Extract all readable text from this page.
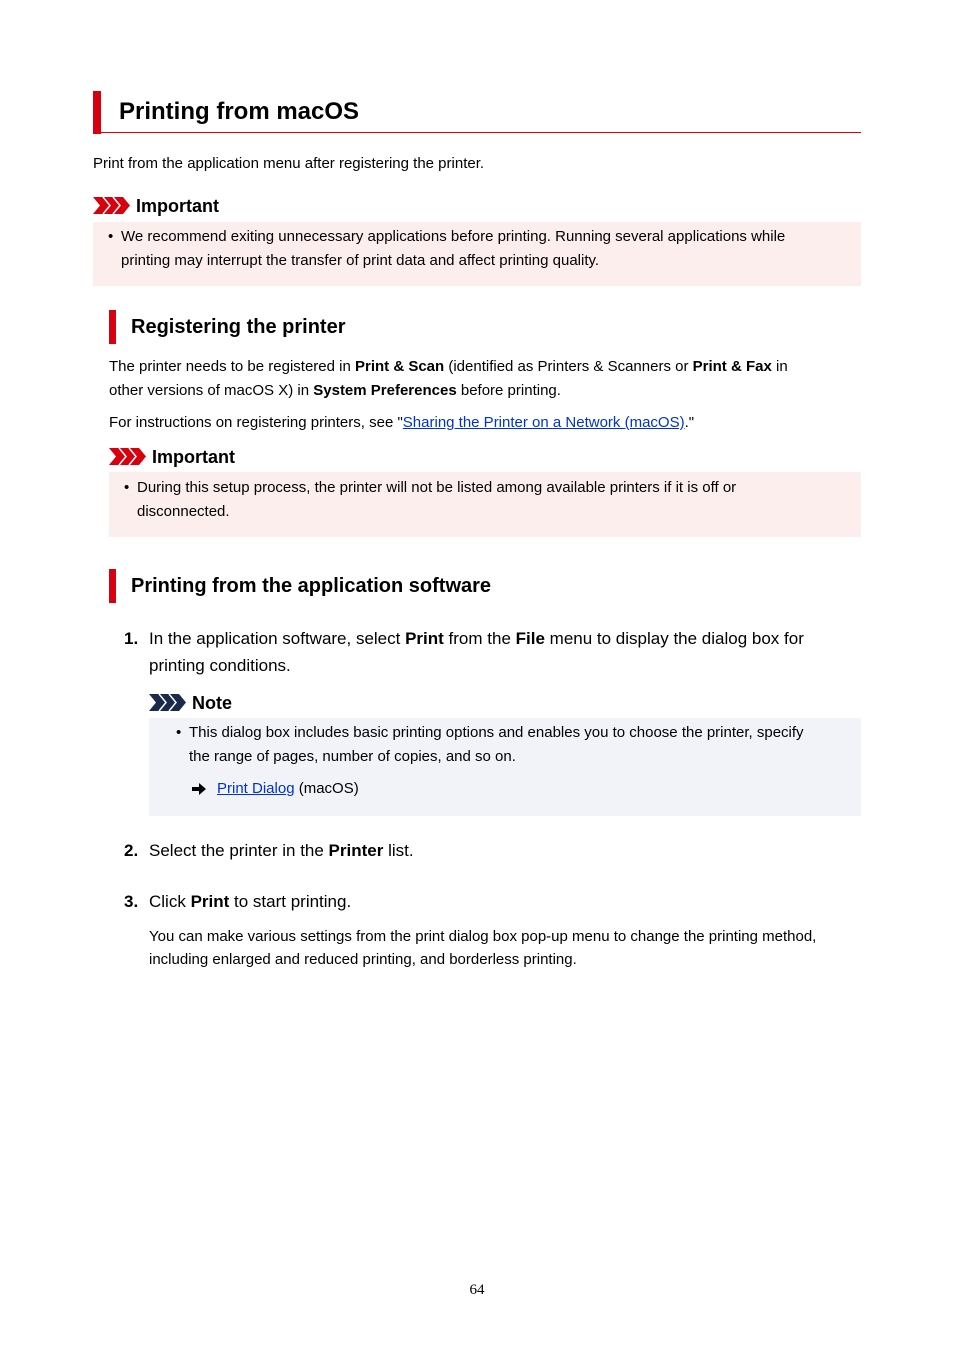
Printing from macOS
Print from the application menu after registering the printer.
Important
• We recommend exiting unnecessary applications before printing. Running several applications while
printing may interrupt the transfer of print data and affect printing quality.
Registering the printer
The printer needs to be registered in Print & Scan (identified as Printers & Scanners or Print & Fax in
other versions of macOS X) in System Preferences before printing.
For instructions on registering printers, see "Sharing the Printer on a Network (macOS)."
Important
• During this setup process, the printer will not be listed among available printers if it is off or
disconnected.
Printing from the application software
1. In the application software, select Print from the File menu to display the dialog box for
printing conditions.
Note
• This dialog box includes basic printing options and enables you to choose the printer, specify
the range of pages, number of copies, and so on.
Print Dialog (macOS)
2. Select the printer in the Printer list.
3. Click Print to start printing.
You can make various settings from the print dialog box pop-up menu to change the printing method,
including enlarged and reduced printing, and borderless printing.
64
